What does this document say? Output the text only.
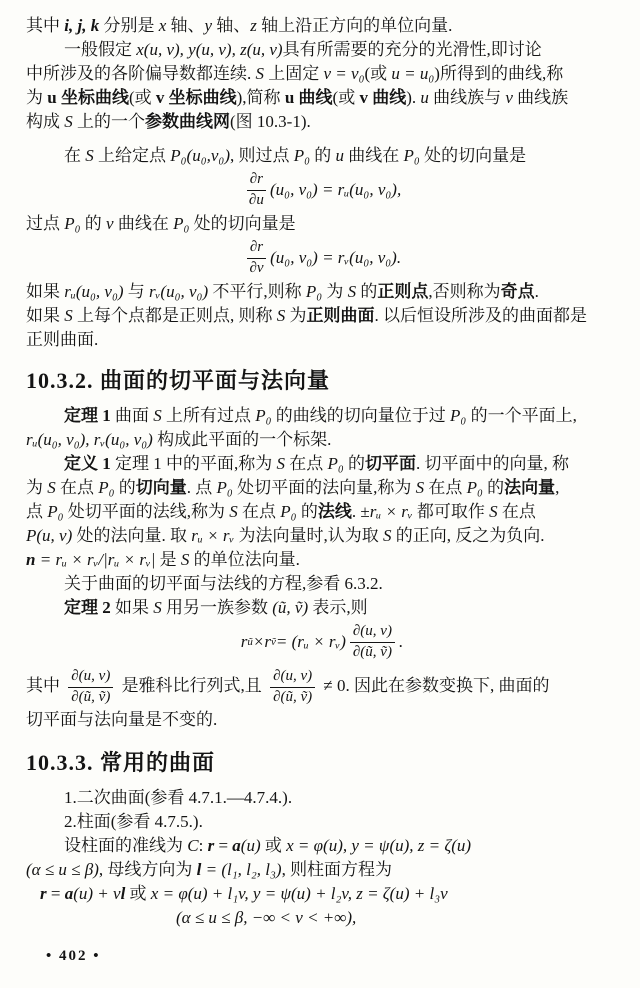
其中 i, j, k 分别是 x 轴、y 轴、z 轴上沿正方向的单位向量.
一般假定 x(u, v), y(u, v), z(u, v)具有所需要的充分的光滑性,即讨论
中所涉及的各阶偏导数都连续. S 上固定 v = v₀(或 u = u₀)所得到的曲线,称
为 u 坐标曲线(或 v 坐标曲线),简称 u 曲线(或 v 曲线). u 曲线族与 v 曲线族
构成 S 上的一个参数曲线网(图 10.3-1).
在 S 上给定点 P₀(u₀,v₀), 则过点 P₀ 的 u 曲线在 P₀ 处的切向量是
$\frac{\partial r}{\partial u} (u_0$, v₀) = rᵤ(u₀, v₀),
过点 P₀ 的 v 曲线在 P₀ 处的切向量是
$\frac{\partial r}{\partial v} (u_0$, v₀) = rᵥ(u₀, v₀).
如果 rᵤ(u₀, v₀) 与 rᵥ(u₀, v₀) 不平行,则称 P₀ 为 S 的正则点,否则称为奇点.
如果 S 上每个点都是正则点, 则称 S 为正则曲面. 以后恒设所涉及的曲面都是
正则曲面.
10.3.2. 曲面的切平面与法向量
定理 1 曲面 S 上所有过点 P₀ 的曲线的切向量位于过 P₀ 的一个平面上,
rᵤ(u₀, v₀), rᵥ(u₀, v₀) 构成此平面的一个标架.
定义 1 定理 1 中的平面,称为 S 在点 P₀ 的切平面. 切平面中的向量, 称
为 S 在点 P₀ 的切向量. 点 P₀ 处切平面的法向量,称为 S 在点 P₀ 的法向量,
点 P₀ 处切平面的法线,称为 S 在点 P₀ 的法线. ±rᵤ × rᵥ 都可取作 S 在点
P(u, v) 处的法向量. 取 rᵤ × rᵥ 为法向量时,认为取 S 的正向, 反之为负向.
n = rᵤ × rᵥ/|rᵤ × rᵥ| 是 S 的单位法向量.
关于曲面的切平面与法线的方程,参看 6.3.2.
定理 2 如果 S 用另一族参数 (ũ, ṽ) 表示,则
r ũ × r ṽ = (rᵤ × rᵥ) $\frac{\partial(u, v)}{\text{∂(ũ, ṽ)}}$ .
其中 $\frac{\partial(u, v)}{\text{∂(ũ, ṽ)}}$ 是雅科比行列式,且 $\frac{\partial(u, v)}{\text{∂(ũ, ṽ)}} \ne 0$. 因此在参数变换下, 曲面的
切平面与法向量是不变的.
10.3.3. 常用的曲面
1.二次曲面(参看 4.7.1.—4.7.4.).
2.柱面(参看 4.7.5.).
设柱面的准线为 C: r = a(u) 或 x = φ(u), y = ψ(u), z = ζ(u)
(α ≤ u ≤ β), 母线方向为 l = (l₁, l₂, l₃), 则柱面方程为
r = a(u) + vl 或 x = φ(u) + l₁v, y = ψ(u) + l₂v, z = ζ(u) + l₃v
(α ≤ u ≤ β, −∞ < v < +∞),
• 402 •
